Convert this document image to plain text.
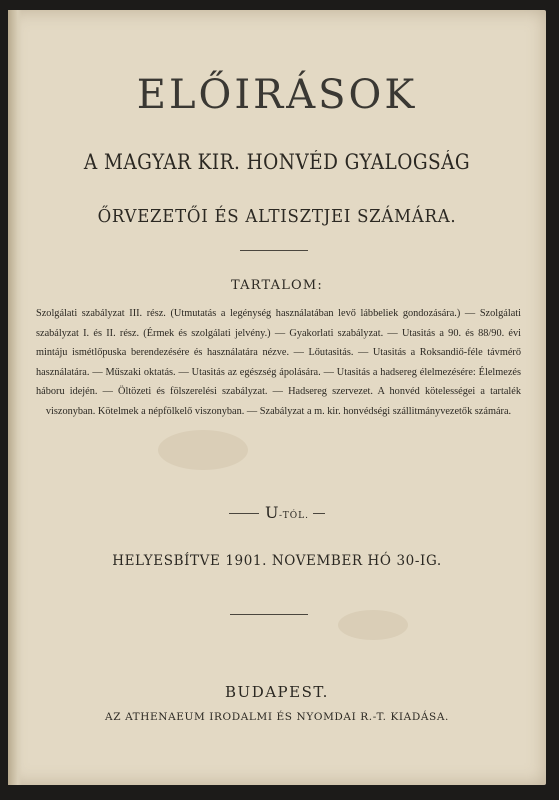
ELŐIRÁSOK
A MAGYAR KIR. HONVÉD GYALOGSÁG
ŐRVEZETŐI ÉS ALTISZTJEI SZÁMÁRA.
TARTALOM:
Szolgálati szabályzat III. rész. (Utmutatás a legénység használatában levő lábbeliek gondozására.) — Szolgálati szabályzat I. és II. rész. (Érmek és szolgálati jelvény.) — Gyakorlati szabályzat. — Utasitás a 90. és 88/90. évi mintáju ismétlőpuska berendezésére és használatára nézve. — Lőutasitás. — Utasitás a Roksandiő-féle távmérő használatára. — Műszaki oktatás. — Utasitás az egészség ápolására. — Utasitás a hadsereg élelmezésére: Élelmezés háboru idején. — Öltözeti és fölszerelési szabályzat. — Hadsereg szervezet. A honvéd kötelességei a tartalék viszonyban. Kötelmek a népfölkelő viszonyban. — Szabályzat a m. kir. honvédségi szállitmányvezetők számára.
U-TÓL.
HELYESBÍTVE 1901. NOVEMBER HÓ 30-IG.
BUDAPEST.
AZ ATHENAEUM IRODALMI ÉS NYOMDAI R.-T. KIADÁSA.
